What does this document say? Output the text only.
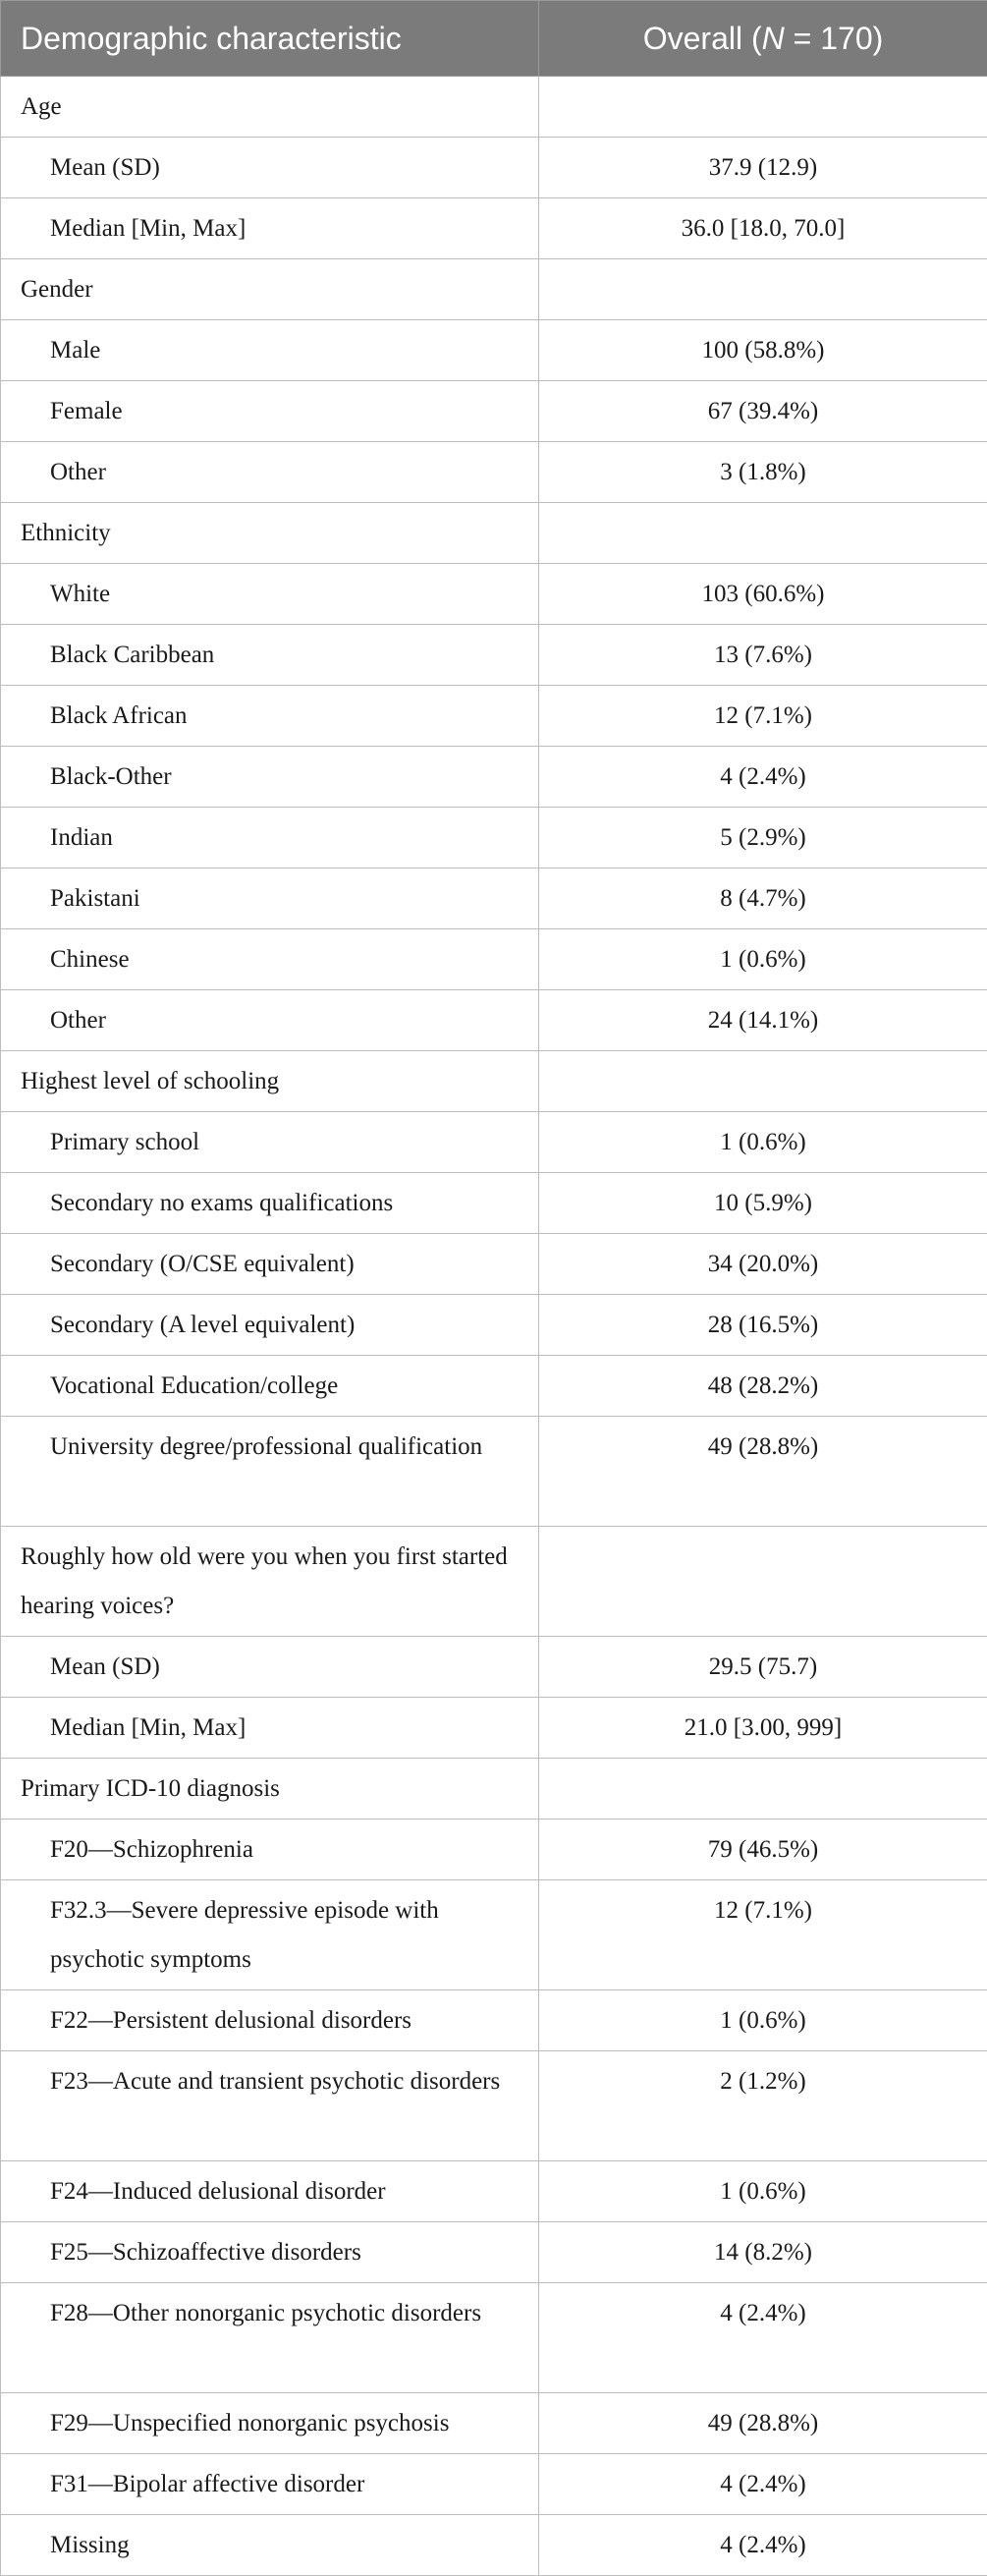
Demographic characteristic	Overall (N = 170)
Age	
Mean (SD)	37.9 (12.9)
Median [Min, Max]	36.0 [18.0, 70.0]
Gender	
Male	100 (58.8%)
Female	67 (39.4%)
Other	3 (1.8%)
Ethnicity	
White	103 (60.6%)
Black Caribbean	13 (7.6%)
Black African	12 (7.1%)
Black-Other	4 (2.4%)
Indian	5 (2.9%)
Pakistani	8 (4.7%)
Chinese	1 (0.6%)
Other	24 (14.1%)
Highest level of schooling	
Primary school	1 (0.6%)
Secondary no exams qualifications	10 (5.9%)
Secondary (O/CSE equivalent)	34 (20.0%)
Secondary (A level equivalent)	28 (16.5%)
Vocational Education/college	48 (28.2%)
University degree/professional qualification	49 (28.8%)
Roughly how old were you when you first started hearing voices?	
Mean (SD)	29.5 (75.7)
Median [Min, Max]	21.0 [3.00, 999]
Primary ICD-10 diagnosis	
F20—Schizophrenia	79 (46.5%)
F32.3—Severe depressive episode with psychotic symptoms	12 (7.1%)
F22—Persistent delusional disorders	1 (0.6%)
F23—Acute and transient psychotic disorders	2 (1.2%)
F24—Induced delusional disorder	1 (0.6%)
F25—Schizoaffective disorders	14 (8.2%)
F28—Other nonorganic psychotic disorders	4 (2.4%)
F29—Unspecified nonorganic psychosis	49 (28.8%)
F31—Bipolar affective disorder	4 (2.4%)
Missing	4 (2.4%)
